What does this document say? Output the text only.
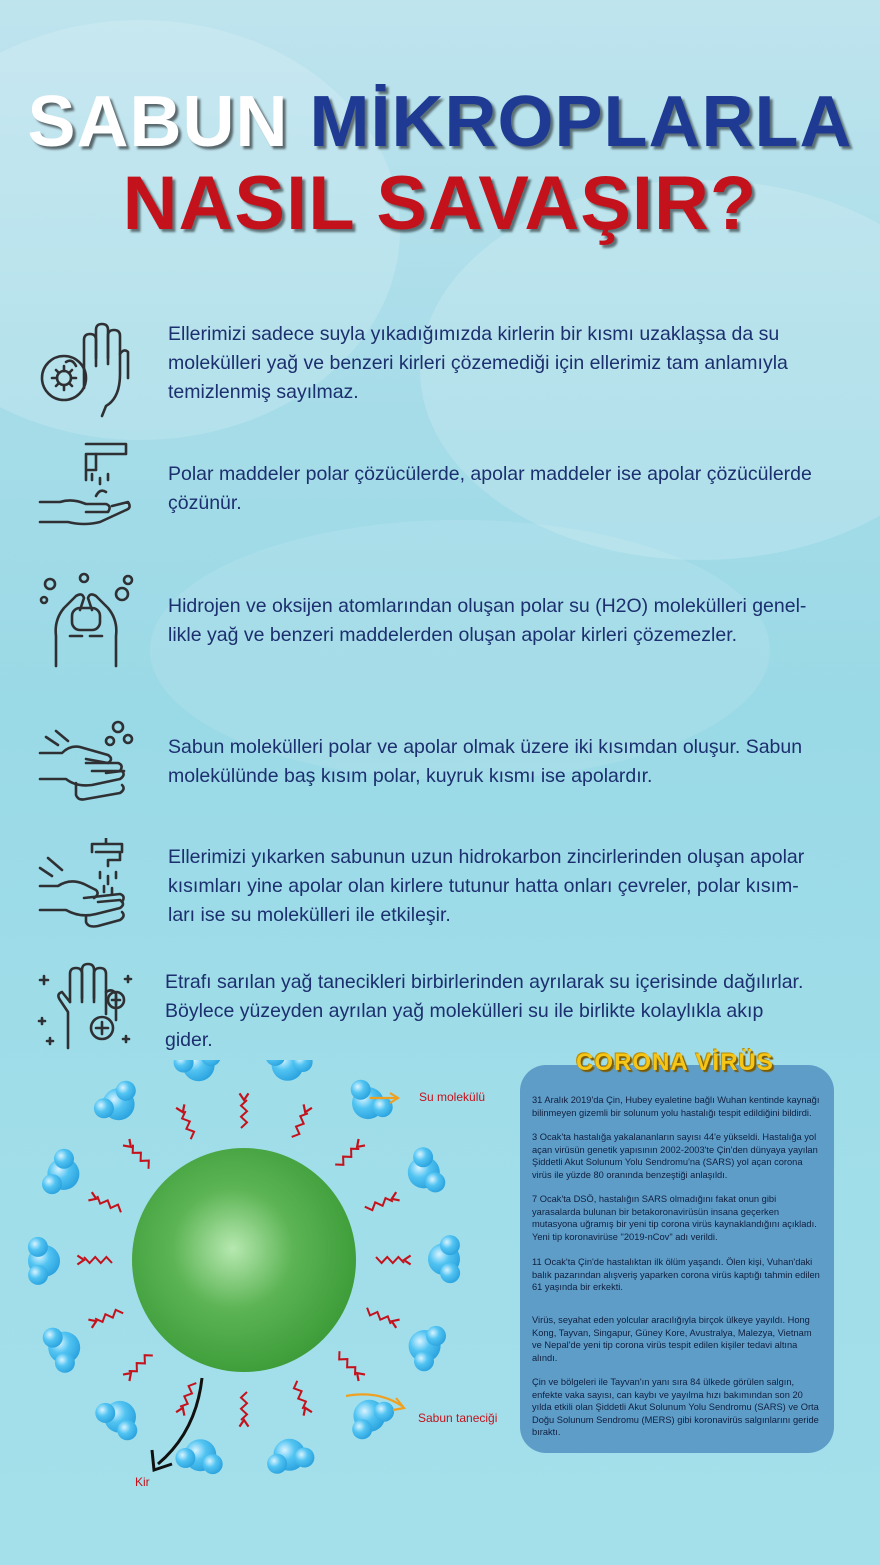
SABUN MİKROPLARLA
NASIL SAVAŞIR?
Ellerimizi sadece suyla yıkadığımızda kirlerin bir kısmı uzaklaşsa da su molekülleri yağ ve benzeri kirleri çözemediği için ellerimiz tam anlamıyla temizlenmiş sayılmaz.
Polar maddeler polar çözücülerde, apolar maddeler ise apolar çözücülerde çözünür.
Hidrojen ve oksijen atomlarından oluşan polar su (H2O) molekülleri genel-likle yağ ve benzeri maddelerden oluşan apolar kirleri çözemezler.
Sabun molekülleri polar ve apolar olmak üzere iki kısımdan oluşur. Sabun molekülünde baş kısım polar, kuyruk kısmı ise apolardır.
Ellerimizi yıkarken sabunun uzun hidrokarbon zincirlerinden oluşan apolar kısımları yine apolar olan kirlere tutunur hatta onları çevreler, polar kısım-ları ise su molekülleri ile etkileşir.
Etrafı sarılan yağ tanecikleri birbirlerinden ayrılarak su içerisinde dağılırlar. Böylece yüzeyden ayrılan yağ molekülleri su ile birlikte kolaylıkla akıp gider.
Su molekülü
Sabun taneciği
Kir
CORONA VİRÜS
31 Aralık 2019'da Çin, Hubey eyaletine bağlı Wuhan kentinde kaynağı bilinmeyen gizemli bir solunum yolu hastalığı tespit edildiğini bildirdi.
3 Ocak'ta hastalığa yakalananların sayısı 44'e yükseldi. Hastalığa yol açan virüsün genetik yapısının 2002-2003'te Çin'den dünyaya yayılan Şiddetli Akut Solunum Yolu Sendromu'na (SARS) yol açan corona virüs ile yüzde 80 oranında benzeştiği anlaşıldı.
7 Ocak'ta DSÖ, hastalığın SARS olmadığını fakat onun gibi yarasalarda bulunan bir betakoronavirüsün insana geçerken mutasyona uğramış bir yeni tip corona virüs kaynaklandığını açıkladı. Yeni tip koronavirüse "2019-nCov" adı verildi.
11 Ocak'ta Çin'de hastalıktan ilk ölüm yaşandı. Ölen kişi, Vuhan'daki balık pazarından alışveriş yaparken corona virüs kaptığı tahmin edilen 61 yaşında bir erkekti.
Virüs, seyahat eden yolcular aracılığıyla birçok ülkeye yayıldı. Hong Kong, Tayvan, Singapur, Güney Kore, Avustralya, Malezya, Vietnam ve Nepal'de yeni tip corona virüs tespit edilen kişiler tedavi altına alındı.
Çin ve bölgeleri ile Tayvan'ın yanı sıra 84 ülkede görülen salgın, enfekte vaka sayısı, can kaybı ve yayılma hızı bakımından son 20 yılda etkili olan Şiddetli Akut Solunum Yolu Sendromu (SARS) ve Orta Doğu Solunum Sendromu (MERS) gibi koronavirüs salgınlarını geride bıraktı.
